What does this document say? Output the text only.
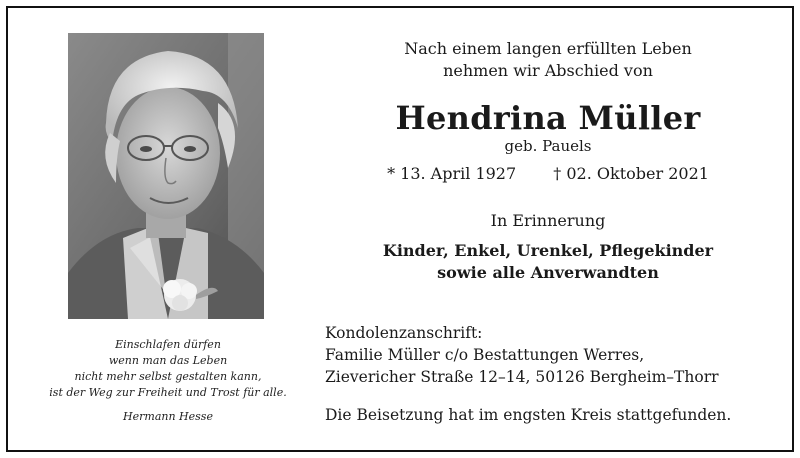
Einschlafen dürfen
wenn man das Leben
nicht mehr selbst gestalten kann,
ist der Weg zur Freiheit und Trost für alle.
Hermann Hesse
Nach einem langen erfüllten Leben
nehmen wir Abschied von
Hendrina Müller
geb. Pauels
* 13. April 1927 † 02. Oktober 2021
In Erinnerung
Kinder, Enkel, Urenkel, Pflegekinder
sowie alle Anverwandten
Kondolenzanschrift:
Familie Müller c/o Bestattungen Werres,
Zievericher Straße 12–14, 50126 Bergheim–Thorr
Die Beisetzung hat im engsten Kreis stattgefunden.
